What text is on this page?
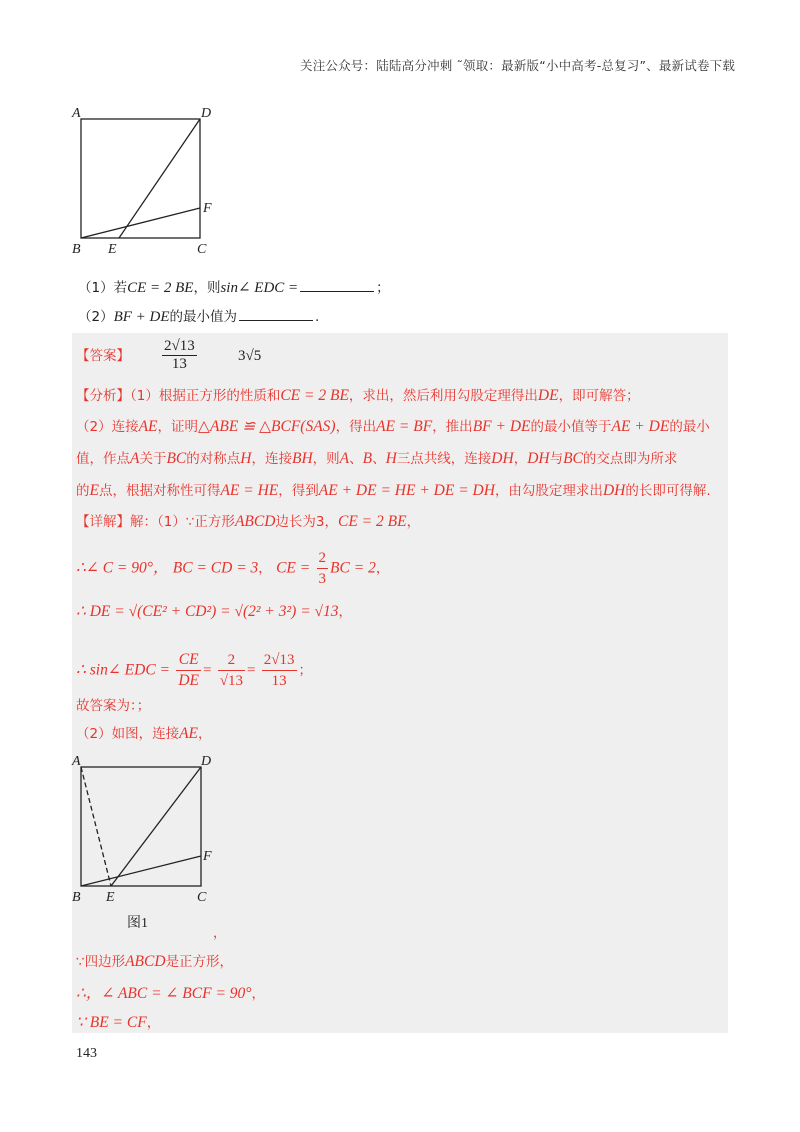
关注公众号：陆陆高分冲刺 ˜领取：最新版“小中高考-总复习”、最新试卷下载
A	D
F
B E	C
（1）若CE = 2 BE，则sin∠ EDC =	；
（2）BF + DE的最小值为	.
【答案】 $\frac{2√13}{13}$	3√5
【分析】（1）根据正方形的性质和CE = 2 BE，求出，然后利用勾股定理得出DE，即可解答；
（2）连接AE，证明△ABE ≌ △BCF(SAS)，得出AE = BF，推出BF + DE的最小值等于AE + DE的最小
值，作点A关于BC的对称点H，连接BH，则A、B、H三点共线，连接DH，DH与BC的交点即为所求
的E点，根据对称性可得AE = HE，得到AE + DE = HE + DE = DH，由勾股定理求出DH的长即可得解.
【详解】解：（1）∵正方形ABCD边长为3，CE = 2 BE，
∴∠ C = 90°， BC = CD = 3， CE = $\frac{2}{3}$ BC = 2，
∴ DE = √(CE² + CD²) = √(2² + 3²) = √13，
∴ sin∠ EDC = $\frac{CE}{DE} = \frac{2}{√13} = \frac{2√13}{13}$ ；
故答案为：；
（2）如图，连接AE，
A	D
F
B E	C
图1
，
∵四边形ABCD是正方形，
∴，∠ ABC = ∠ BCF = 90°，
∵ BE = CF，
143
